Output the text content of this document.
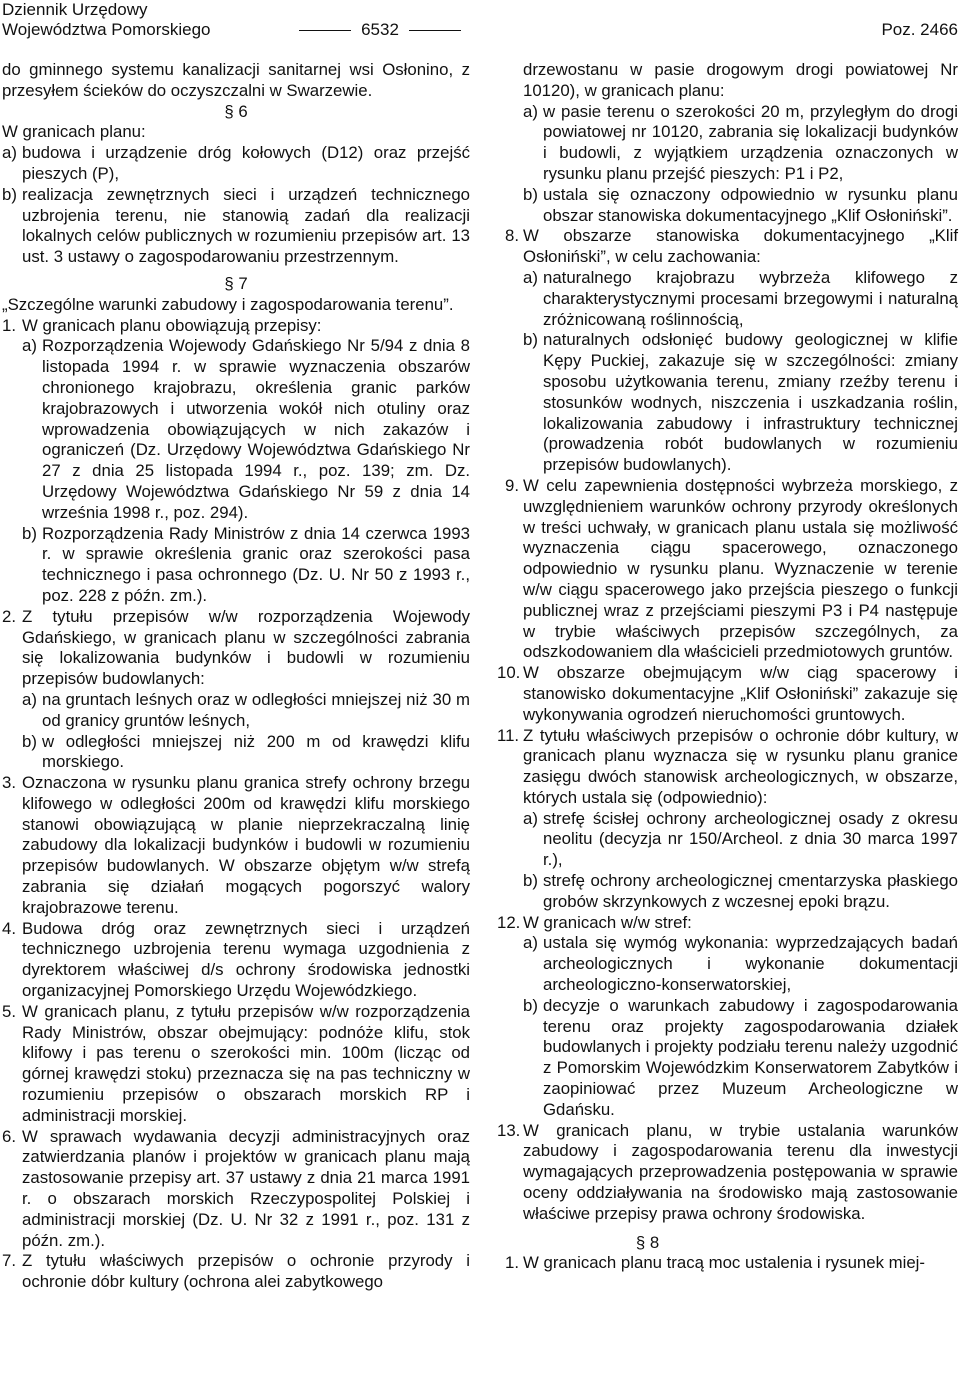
Dziennik Urzędowy
Województwa Pomorskiego	6532	Poz. 2466

do gminnego systemu kanalizacji sanitarnej wsi Osłonino, z przesyłem ścieków do oczyszczalni w Swarzewie.

§ 6

W granicach planu:

a) budowa i urządzenie dróg kołowych (D12) oraz przejść pieszych (P),

b) realizacja zewnętrznych sieci i urządzeń technicznego uzbrojenia terenu, nie stanowią zadań dla realizacji lokalnych celów publicznych w rozumieniu przepisów art. 13 ust. 3 ustawy o zagospodarowaniu przestrzennym.

§ 7

„Szczególne warunki zabudowy i zagospodarowania terenu”.

1. W granicach planu obowiązują przepisy:

a) Rozporządzenia Wojewody Gdańskiego Nr 5/94 z dnia 8 listopada 1994 r. w sprawie wyznaczenia obszarów chronionego krajobrazu, określenia granic parków krajobrazowych i utworzenia wokół nich otuliny oraz wprowadzenia obowiązujących w nich zakazów i ograniczeń (Dz. Urzędowy Województwa Gdańskiego Nr 27 z dnia 25 listopada 1994 r., poz. 139; zm. Dz. Urzędowy Województwa Gdańskiego Nr 59 z dnia 14 września 1998 r., poz. 294).

b) Rozporządzenia Rady Ministrów z dnia 14 czerwca 1993 r. w sprawie określenia granic oraz szerokości pasa technicznego i pasa ochronnego (Dz. U. Nr 50 z 1993 r., poz. 228 z późn. zm.).

2. Z tytułu przepisów w/w rozporządzenia Wojewody Gdańskiego, w granicach planu w szczególności zabrania się lokalizowania budynków i budowli w rozumieniu przepisów budowlanych:

a) na gruntach leśnych oraz w odległości mniejszej niż 30 m od granicy gruntów leśnych,

b) w odległości mniejszej niż 200 m od krawędzi klifu morskiego.

3. Oznaczona w rysunku planu granica strefy ochrony brzegu klifowego w odległości 200m od krawędzi klifu morskiego stanowi obowiązującą w planie nieprzekraczalną linię zabudowy dla lokalizacji budynków i budowli w rozumieniu przepisów budowlanych. W obszarze objętym w/w strefą zabrania się działań mogących pogorszyć walory krajobrazowe terenu.

4. Budowa dróg oraz zewnętrznych sieci i urządzeń technicznego uzbrojenia terenu wymaga uzgodnienia z dyrektorem właściwej d/s ochrony środowiska jednostki organizacyjnej Pomorskiego Urzędu Wojewódzkiego.

5. W granicach planu, z tytułu przepisów w/w rozporządzenia Rady Ministrów, obszar obejmujący: podnóże klifu, stok klifowy i pas terenu o szerokości min. 100m (licząc od górnej krawędzi stoku) przeznacza się na pas techniczny w rozumieniu przepisów o obszarach morskich RP i administracji morskiej.

6. W sprawach wydawania decyzji administracyjnych oraz zatwierdzania planów i projektów w granicach planu mają zastosowanie przepisy art. 37 ustawy z dnia 21 marca 1991 r. o obszarach morskich Rzeczypospolitej Polskiej i administracji morskiej (Dz. U. Nr 32 z 1991 r., poz. 131 z późn. zm.).

7. Z tytułu właściwych przepisów o ochronie przyrody i ochronie dóbr kultury (ochrona alei zabytkowego

drzewostanu w pasie drogowym drogi powiatowej Nr 10120), w granicach planu:

a) w pasie terenu o szerokości 20 m, przyległym do drogi powiatowej nr 10120, zabrania się lokalizacji budynków i budowli, z wyjątkiem urządzenia oznaczonych w rysunku planu przejść pieszych: P1 i P2,

b) ustala się oznaczony odpowiednio w rysunku planu obszar stanowiska dokumentacyjnego „Klif Osłoniński”.

8. W obszarze stanowiska dokumentacyjnego „Klif Osłoniński”, w celu zachowania:

a) naturalnego krajobrazu wybrzeża klifowego z charakterystycznymi procesami brzegowymi i naturalną zróżnicowaną roślinnością,

b) naturalnych odsłonięć budowy geologicznej w klifie Kępy Puckiej, zakazuje się w szczególności: zmiany sposobu użytkowania terenu, zmiany rzeźby terenu i stosunków wodnych, niszczenia i uszkadzania roślin, lokalizowania zabudowy i infrastruktury technicznej (prowadzenia robót budowlanych w rozumieniu przepisów budowlanych).

9. W celu zapewnienia dostępności wybrzeża morskiego, z uwzględnieniem warunków ochrony przyrody określonych w treści uchwały, w granicach planu ustala się możliwość wyznaczenia ciągu spacerowego, oznaczonego odpowiednio w rysunku planu. Wyznaczenie w terenie w/w ciągu spacerowego jako przejścia pieszego o funkcji publicznej wraz z przejściami pieszymi P3 i P4 następuje w trybie właściwych przepisów szczególnych, za odszkodowaniem dla właścicieli przedmiotowych gruntów.

10. W obszarze obejmującym w/w ciąg spacerowy i stanowisko dokumentacyjne „Klif Osłoniński” zakazuje się wykonywania ogrodzeń nieruchomości gruntowych.

11. Z tytułu właściwych przepisów o ochronie dóbr kultury, w granicach planu wyznacza się w rysunku planu granice zasięgu dwóch stanowisk archeologicznych, w obszarze, których ustala się (odpowiednio):

a) strefę ścisłej ochrony archeologicznej osady z okresu neolitu (decyzja nr 150/Archeol. z dnia 30 marca 1997 r.),

b) strefę ochrony archeologicznej cmentarzyska płaskiego grobów skrzynkowych z wczesnej epoki brązu.

12. W granicach w/w stref:

a) ustala się wymóg wykonania: wyprzedzających badań archeologicznych i wykonanie dokumentacji archeologiczno-konserwatorskiej,

b) decyzje o warunkach zabudowy i zagospodarowania terenu oraz projekty zagospodarowania działek budowlanych i projekty podziału terenu należy uzgodnić z Pomorskim Wojewódzkim Konserwatorem Zabytków i zaopiniować przez Muzeum Archeologiczne w Gdańsku.

13. W granicach planu, w trybie ustalania warunków zabudowy i zagospodarowania terenu dla inwestycji wymagających przeprowadzenia postępowania w sprawie oceny oddziaływania na środowisko mają zastosowanie właściwe przepisy prawa ochrony środowiska.

§ 8

1. W granicach planu tracą moc ustalenia i rysunek miej-
